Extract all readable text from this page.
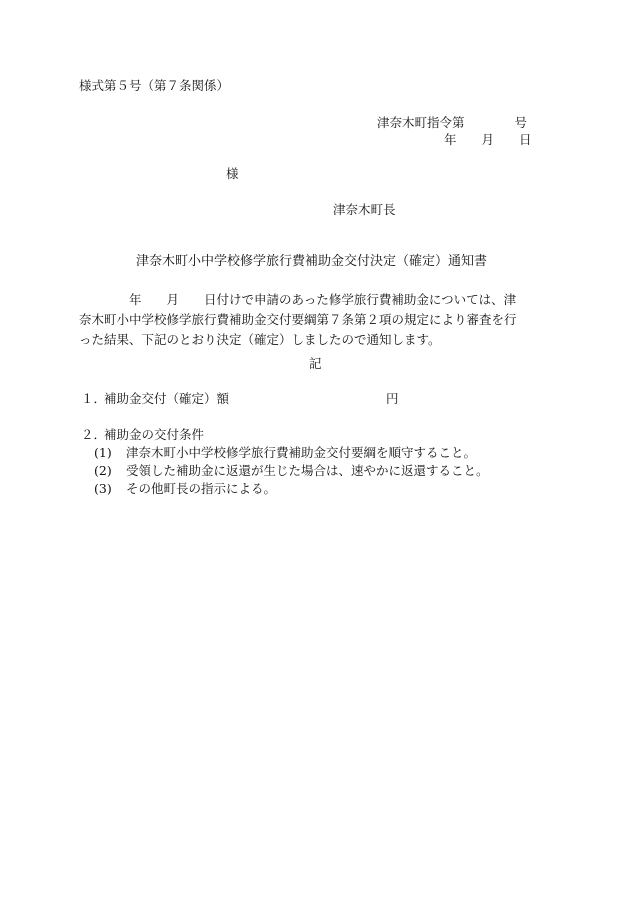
様式第５号（第７条関係）
津奈木町指令第　　　　号
年　　月　　日
様
津奈木町長
津奈木町小中学校修学旅行費補助金交付決定（確定）通知書
年　　月　　日付けで申請のあった修学旅行費補助金については、津
奈木町小中学校修学旅行費補助金交付要綱第７条第２項の規定により審査を行
った結果、下記のとおり決定（確定）しましたので通知します。
記
１．
補助金交付（確定）額	円
２．
補助金の交付条件
(1) 津奈木町小中学校修学旅行費補助金交付要綱を順守すること。
(2) 受領した補助金に返還が生じた場合は、速やかに返還すること。
(3) その他町長の指示による。
